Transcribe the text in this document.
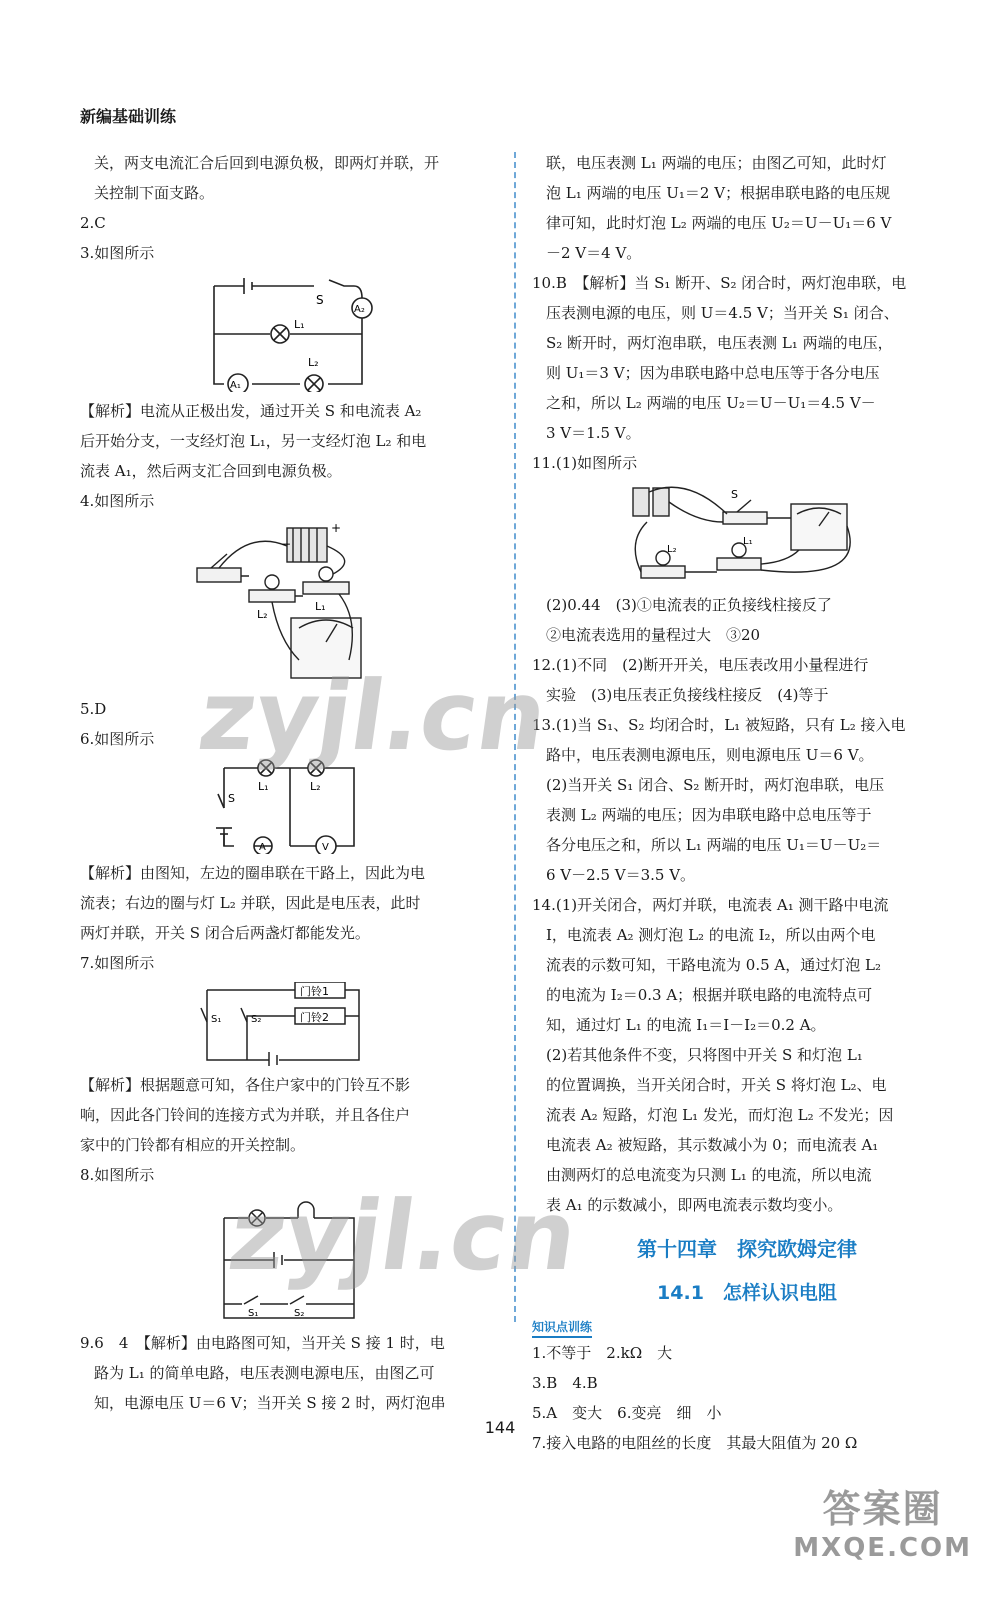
新编基础训练

关，两支电流汇合后回到电源负极，即两灯并联，开

关控制下面支路。

2.C

3.如图所示

S
A₂
L₁
L₂
A₁

【解析】电流从正极出发，通过开关 S 和电流表 A₂

后开始分支，一支经灯泡 L₁，另一支经灯泡 L₂ 和电

流表 A₁，然后两支汇合回到电源负极。

4.如图所示

−
+
L₂
L₁

5.D

6.如图所示

S
L₁	L₂
A	V

【解析】由图知，左边的圈串联在干路上，因此为电

流表；右边的圈与灯 L₂ 并联，因此是电压表，此时

两灯并联，开关 S 闭合后两盏灯都能发光。

7.如图所示

门铃1
门铃2
S₁	S₂

【解析】根据题意可知，各住户家中的门铃互不影

响，因此各门铃间的连接方式为并联，并且各住户

家中的门铃都有相应的开关控制。

8.如图所示

S₁	S₂

9.6　4　【解析】由电路图可知，当开关 S 接 1 时，电

路为 L₁ 的简单电路，电压表测电源电压，由图乙可

知，电源电压 U＝6 V；当开关 S 接 2 时，两灯泡串

联，电压表测 L₁ 两端的电压；由图乙可知，此时灯

泡 L₁ 两端的电压 U₁＝2 V；根据串联电路的电压规

律可知，此时灯泡 L₂ 两端的电压 U₂＝U－U₁＝6 V

－2 V＝4 V。

10.B　【解析】当 S₁ 断开、S₂ 闭合时，两灯泡串联，电

压表测电源的电压，则 U＝4.5 V；当开关 S₁ 闭合、

S₂ 断开时，两灯泡串联，电压表测 L₁ 两端的电压，

则 U₁＝3 V；因为串联电路中总电压等于各分电压

之和，所以 L₂ 两端的电压 U₂＝U－U₁＝4.5 V－

3 V＝1.5 V。

11.(1)如图所示

S
L₂
L₁

(2)0.44　(3)①电流表的正负接线柱接反了

②电流表选用的量程过大　③20

12.(1)不同　(2)断开开关，电压表改用小量程进行

实验　(3)电压表正负接线柱接反　(4)等于

13.(1)当 S₁、S₂ 均闭合时，L₁ 被短路，只有 L₂ 接入电

路中，电压表测电源电压，则电源电压 U＝6 V。

(2)当开关 S₁ 闭合、S₂ 断开时，两灯泡串联，电压

表测 L₂ 两端的电压；因为串联电路中总电压等于

各分电压之和，所以 L₁ 两端的电压 U₁＝U－U₂＝

6 V－2.5 V＝3.5 V。

14.(1)开关闭合，两灯并联，电流表 A₁ 测干路中电流

I，电流表 A₂ 测灯泡 L₂ 的电流 I₂，所以由两个电

流表的示数可知，干路电流为 0.5 A，通过灯泡 L₂

的电流为 I₂＝0.3 A；根据并联电路的电流特点可

知，通过灯 L₁ 的电流 I₁＝I－I₂＝0.2 A。

(2)若其他条件不变，只将图中开关 S 和灯泡 L₁

的位置调换，当开关闭合时，开关 S 将灯泡 L₂、电

流表 A₂ 短路，灯泡 L₁ 发光，而灯泡 L₂ 不发光；因

电流表 A₂ 被短路，其示数减小为 0；而电流表 A₁

由测两灯的总电流变为只测 L₁ 的电流，所以电流

表 A₁ 的示数减小，即两电流表示数均变小。

第十四章　探究欧姆定律
14.1　怎样认识电阻
知识点训练

1.不等于　2.kΩ　大

3.B　4.B

5.A　变大　6.变亮　细　小

7.接入电路的电阻丝的长度　其最大阻值为 20 Ω

144
zyjl.cn
zyjl.cn
答案圈
MXQE.COM
